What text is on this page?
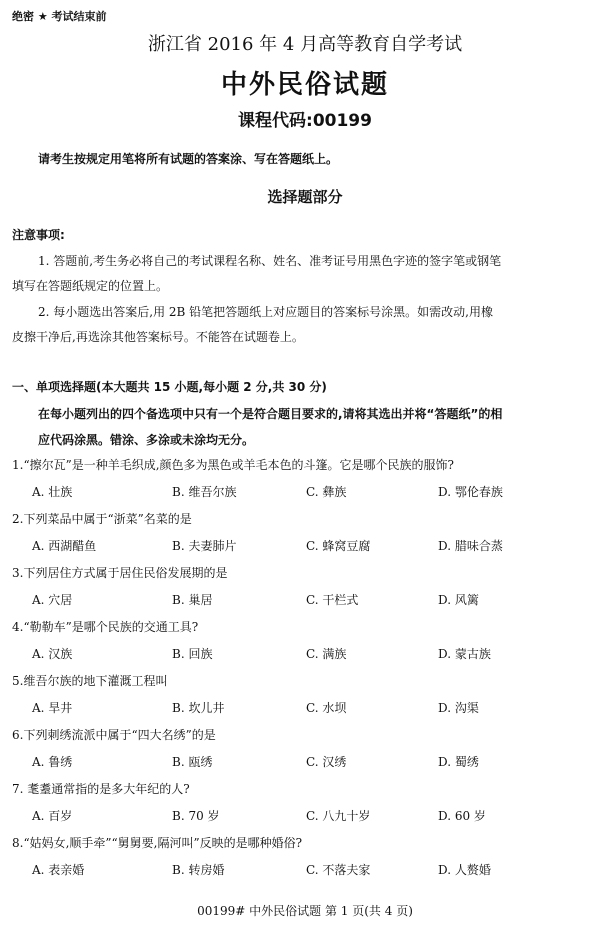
绝密 ★ 考试结束前
浙江省 2016 年 4 月高等教育自学考试
中外民俗试题
课程代码:00199
请考生按规定用笔将所有试题的答案涂、写在答题纸上。
选择题部分
注意事项:
1. 答题前,考生务必将自己的考试课程名称、姓名、准考证号用黑色字迹的签字笔或钢笔
填写在答题纸规定的位置上。
2. 每小题选出答案后,用 2B 铅笔把答题纸上对应题目的答案标号涂黑。如需改动,用橡
皮擦干净后,再选涂其他答案标号。不能答在试题卷上。
一、单项选择题(本大题共 15 小题,每小题 2 分,共 30 分)
在每小题列出的四个备选项中只有一个是符合题目要求的,请将其选出并将“答题纸”的相
应代码涂黑。错涂、多涂或未涂均无分。
1.“擦尔瓦”是一种羊毛织成,颜色多为黑色或羊毛本色的斗篷。它是哪个民族的服饰?
A. 壮族	B. 维吾尔族	C. 彝族	D. 鄂伦春族
2.下列菜品中属于“浙菜”名菜的是
A. 西湖醋鱼	B. 夫妻肺片	C. 蜂窝豆腐	D. 腊味合蒸
3.下列居住方式属于居住民俗发展期的是
A. 穴居	B. 巢居	C. 干栏式	D. 风篱
4.“勒勒车”是哪个民族的交通工具?
A. 汉族	B. 回族	C. 满族	D. 蒙古族
5.维吾尔族的地下灌溉工程叫
A. 旱井	B. 坎儿井	C. 水坝	D. 沟渠
6.下列刺绣流派中属于“四大名绣”的是
A. 鲁绣	B. 瓯绣	C. 汉绣	D. 蜀绣
7. 耄耋通常指的是多大年纪的人?
A. 百岁	B. 70 岁	C. 八九十岁	D. 60 岁
8.“姑妈女,顺手牵”“舅舅要,隔河叫”反映的是哪种婚俗?
A. 表亲婚	B. 转房婚	C. 不落夫家	D. 人赘婚
00199# 中外民俗试题 第 1 页(共 4 页)
